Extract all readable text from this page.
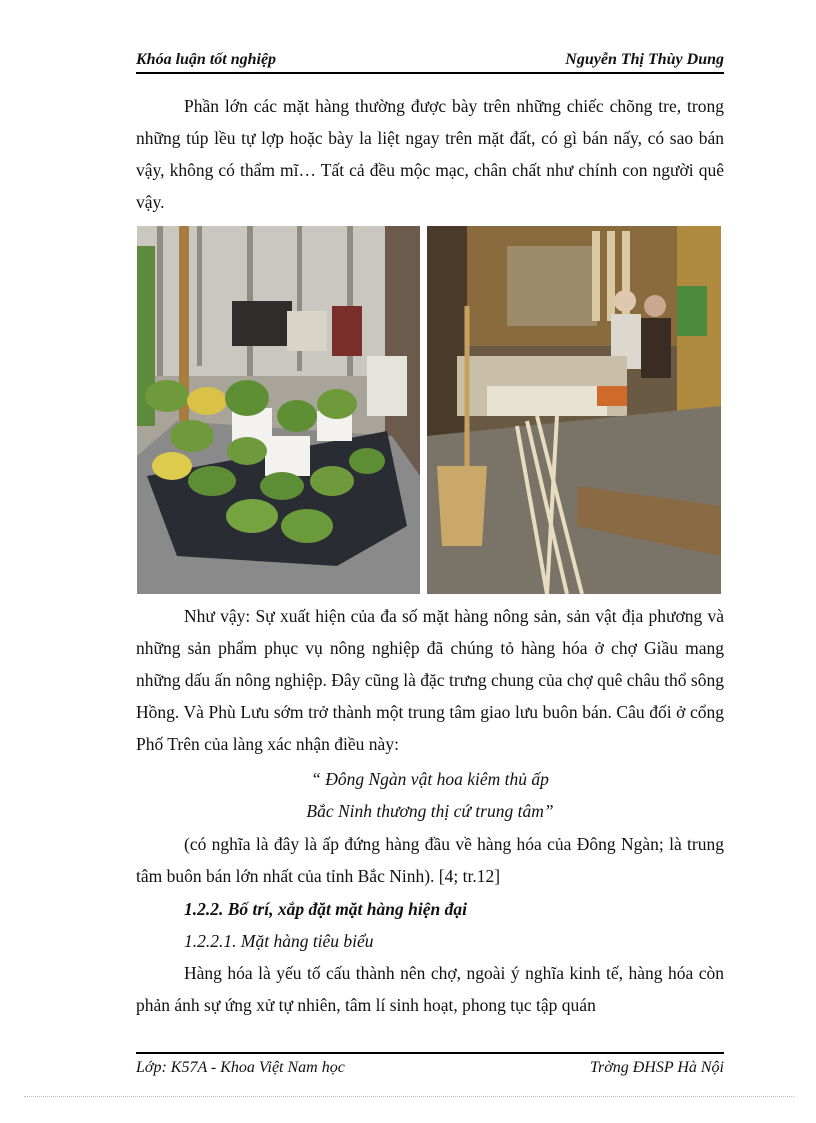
Khóa luận tốt nghiệp	Nguyễn Thị Thùy Dung

Phần lớn các mặt hàng thường được bày trên những chiếc chõng tre, trong những túp lều tự lợp hoặc bày la liệt ngay trên mặt đất, có gì bán nấy, có sao bán vậy, không có thẩm mĩ… Tất cả đều mộc mạc, chân chất như chính con người quê vậy.

Như vậy: Sự xuất hiện của đa số mặt hàng nông sản, sản vật địa phương và những sản phẩm phục vụ nông nghiệp đã chúng tỏ hàng hóa ở chợ Giầu mang những dấu ấn nông nghiệp. Đây cũng là đặc trưng chung của chợ quê châu thổ sông Hồng. Và Phù Lưu sớm trở thành một trung tâm giao lưu buôn bán. Câu đối ở cổng Phố Trên của làng xác nhận điều này:

“ Đông Ngàn vật hoa kiêm thủ ấp
Bắc Ninh thương thị cứ trung tâm”

(có nghĩa là đây là ấp đứng hàng đầu về hàng hóa của Đông Ngàn; là trung tâm buôn bán lớn nhất của tỉnh Bắc Ninh). [4; tr.12]

1.2.2. Bố trí, xắp đặt mặt hàng hiện đại
1.2.2.1. Mặt hàng tiêu biểu

Hàng hóa là yếu tố cấu thành nên chợ, ngoài ý nghĩa kinh tế, hàng hóa còn phản ánh sự ứng xử tự nhiên, tâm lí sinh hoạt, phong tục tập quán

Lớp: K57A - Khoa Việt Nam học	Trờng ĐHSP Hà Nội
